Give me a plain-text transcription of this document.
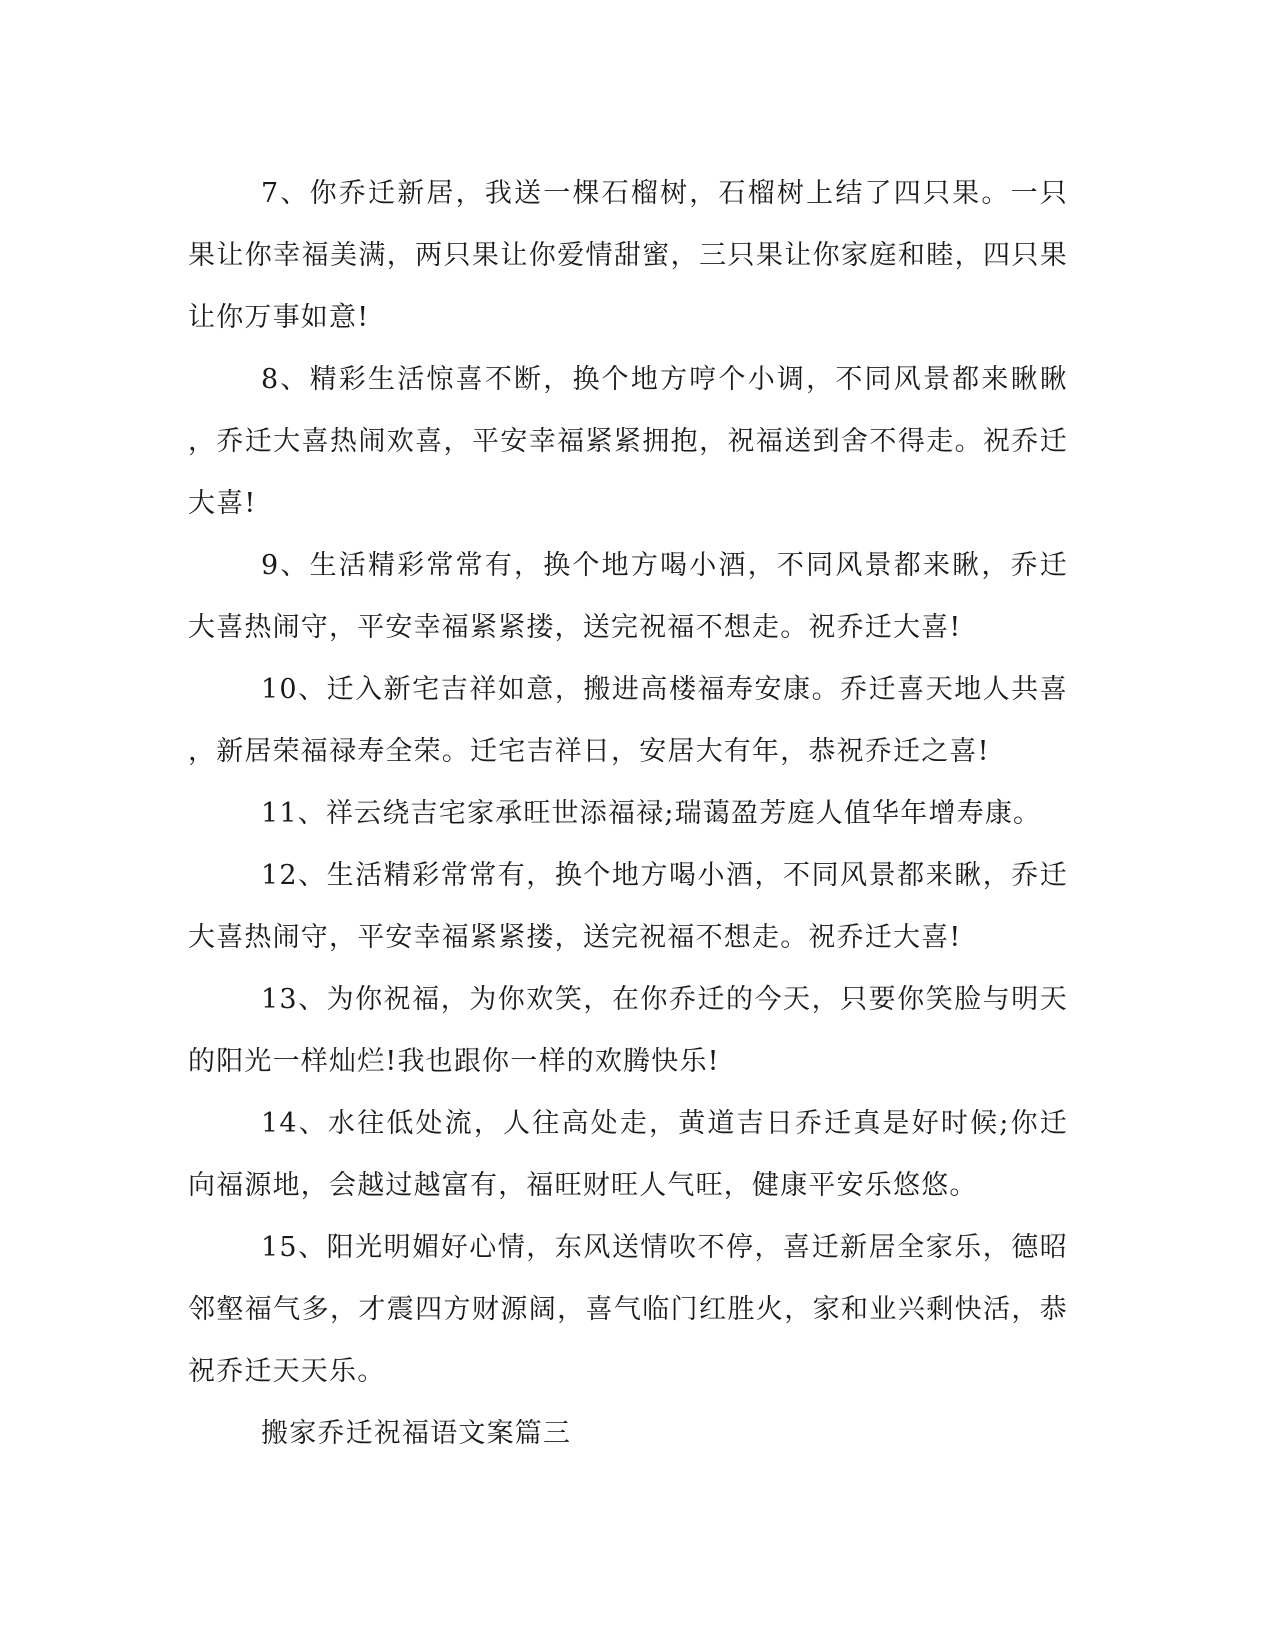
7、你乔迁新居，我送一棵石榴树，石榴树上结了四只果。一只果让你幸福美满，两只果让你爱情甜蜜，三只果让你家庭和睦，四只果让你万事如意!

8、精彩生活惊喜不断，换个地方哼个小调，不同风景都来瞅瞅，乔迁大喜热闹欢喜，平安幸福紧紧拥抱，祝福送到舍不得走。祝乔迁大喜!

9、生活精彩常常有，换个地方喝小酒，不同风景都来瞅，乔迁大喜热闹守，平安幸福紧紧搂，送完祝福不想走。祝乔迁大喜!

10、迁入新宅吉祥如意，搬进高楼福寿安康。乔迁喜天地人共喜，新居荣福禄寿全荣。迁宅吉祥日，安居大有年，恭祝乔迁之喜!

11、祥云绕吉宅家承旺世添福禄;瑞蔼盈芳庭人值华年增寿康。

12、生活精彩常常有，换个地方喝小酒，不同风景都来瞅，乔迁大喜热闹守，平安幸福紧紧搂，送完祝福不想走。祝乔迁大喜!

13、为你祝福，为你欢笑，在你乔迁的今天，只要你笑脸与明天的阳光一样灿烂!我也跟你一样的欢腾快乐!

14、水往低处流，人往高处走，黄道吉日乔迁真是好时候;你迁向福源地，会越过越富有，福旺财旺人气旺，健康平安乐悠悠。

15、阳光明媚好心情，东风送情吹不停，喜迁新居全家乐，德昭邻壑福气多，才震四方财源阔，喜气临门红胜火，家和业兴剩快活，恭祝乔迁天天乐。

搬家乔迁祝福语文案篇三
